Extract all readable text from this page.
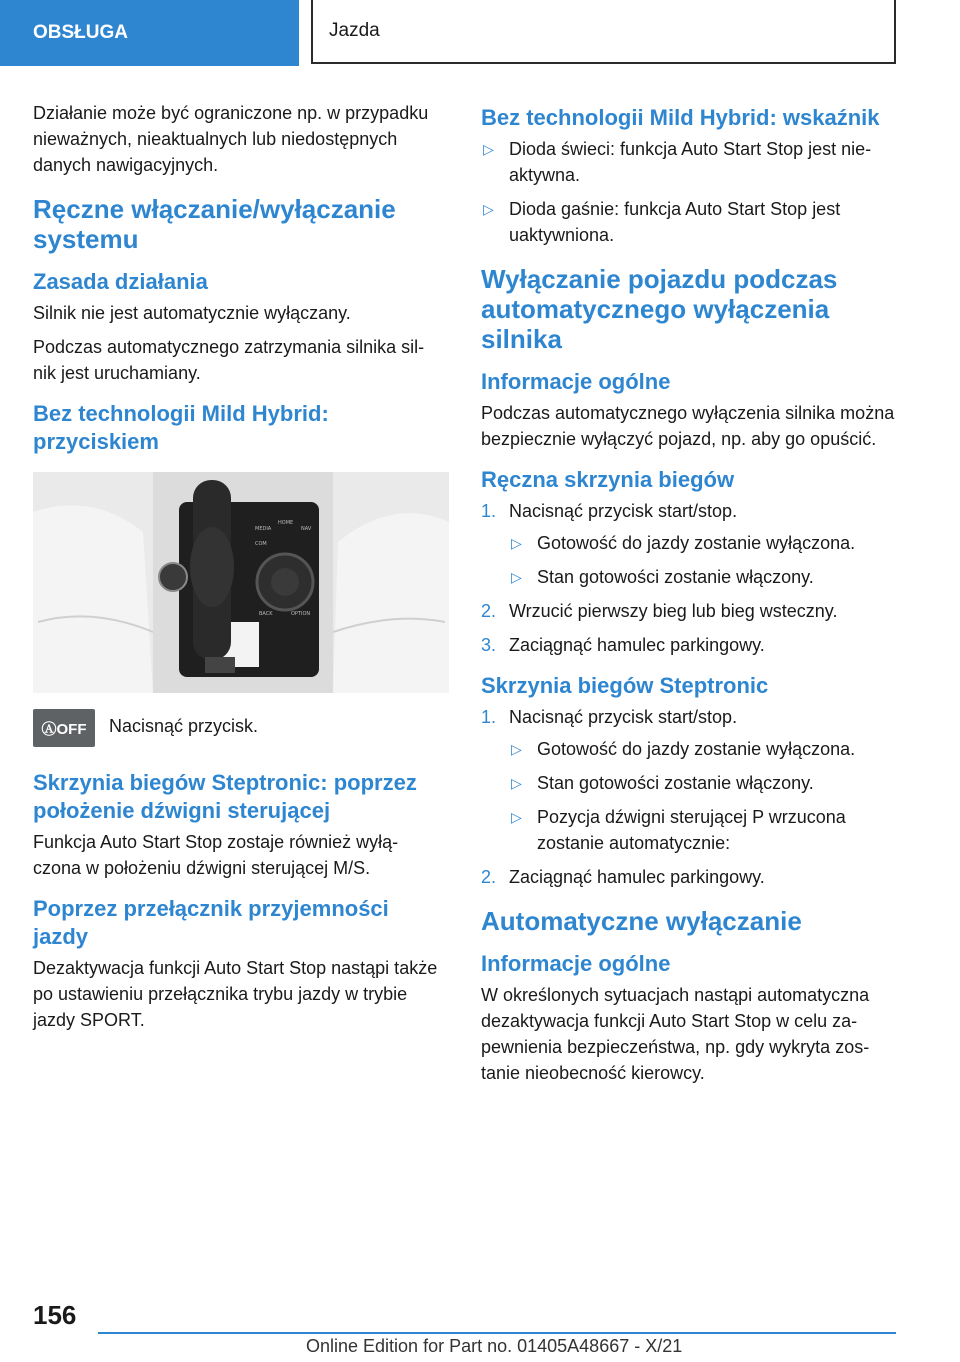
OBSŁUGA	Jazda

Działanie może być ograniczone np. w przypadku nieważnych, nieaktualnych lub niedostępnych danych nawigacyjnych.

Ręczne włączanie/wyłączanie systemu
Zasada działania

Silnik nie jest automatycznie wyłączany.

Podczas automatycznego zatrzymania silnika sil- nik jest uruchamiany.

Bez technologii Mild Hybrid: przyciskiem
MEDIA
COM
NAV
HOME
BACK	OPTION
ⒶOFF	Nacisnąć przycisk.

Skrzynia biegów Steptronic: poprzez położenie dźwigni sterującej

Funkcja Auto Start Stop zostaje również wyłą- czona w położeniu dźwigni sterującej M/S.

Poprzez przełącznik przyjemności jazdy

Dezaktywacja funkcji Auto Start Stop nastąpi także po ustawieniu przełącznika trybu jazdy w trybie jazdy SPORT.

Bez technologii Mild Hybrid: wskaźnik
▷ Dioda świeci: funkcja Auto Start Stop jest nie- aktywna.
▷ Dioda gaśnie: funkcja Auto Start Stop jest uaktywniona.
Wyłączanie pojazdu podczas automatycznego wyłączenia silnika
Informacje ogólne

Podczas automatycznego wyłączenia silnika można bezpiecznie wyłączyć pojazd, np. aby go opuścić.

Ręczna skrzynia biegów
1. Nacisnąć przycisk start/stop.
▷ Gotowość do jazdy zostanie wyłączona.
▷ Stan gotowości zostanie włączony.
2. Wrzucić pierwszy bieg lub bieg wsteczny.
3. Zaciągnąć hamulec parkingowy.
Skrzynia biegów Steptronic
1. Nacisnąć przycisk start/stop.
▷ Gotowość do jazdy zostanie wyłączona.
▷ Stan gotowości zostanie włączony.
▷ Pozycja dźwigni sterującej P wrzucona zostanie automatycznie:
2. Zaciągnąć hamulec parkingowy.
Automatyczne wyłączanie
Informacje ogólne

W określonych sytuacjach nastąpi automatyczna dezaktywacja funkcji Auto Start Stop w celu za- pewnienia bezpieczeństwa, np. gdy wykryta zos- tanie nieobecność kierowcy.

156
Online Edition for Part no. 01405A48667 - X/21
